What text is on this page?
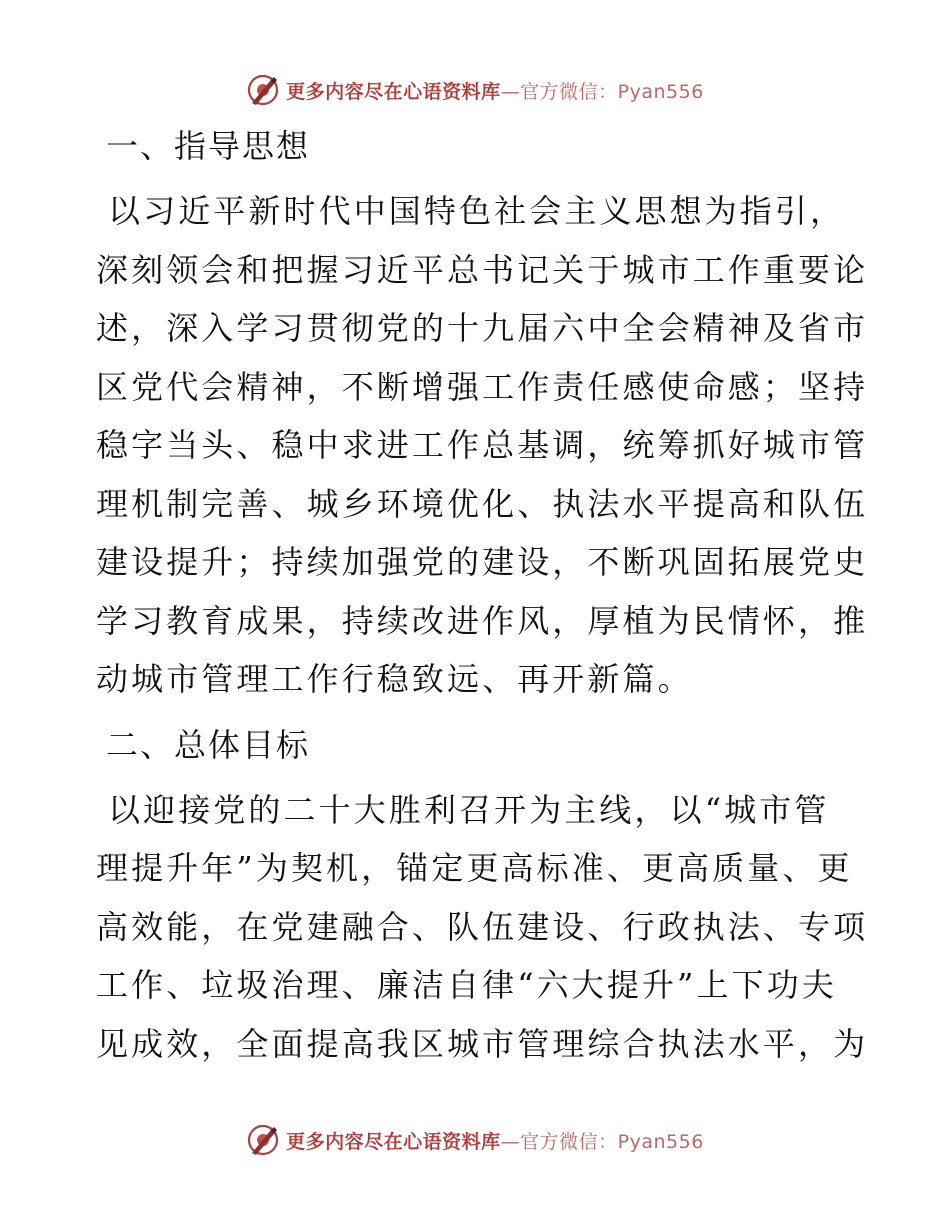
更多内容尽在心语资料库—官方微信：Pyan556
一、指导思想
以习近平新时代中国特色社会主义思想为指引，
深刻领会和把握习近平总书记关于城市工作重要论
述，深入学习贯彻党的十九届六中全会精神及省市
区党代会精神，不断增强工作责任感使命感；坚持
稳字当头、稳中求进工作总基调，统筹抓好城市管
理机制完善、城乡环境优化、执法水平提高和队伍
建设提升；持续加强党的建设，不断巩固拓展党史
学习教育成果，持续改进作风，厚植为民情怀，推
动城市管理工作行稳致远、再开新篇。
二、总体目标
以迎接党的二十大胜利召开为主线，以“城市管
理提升年”为契机，锚定更高标准、更高质量、更
高效能，在党建融合、队伍建设、行政执法、专项
工作、垃圾治理、廉洁自律“六大提升”上下功夫
见成效，全面提高我区城市管理综合执法水平，为
更多内容尽在心语资料库—官方微信：Pyan556
